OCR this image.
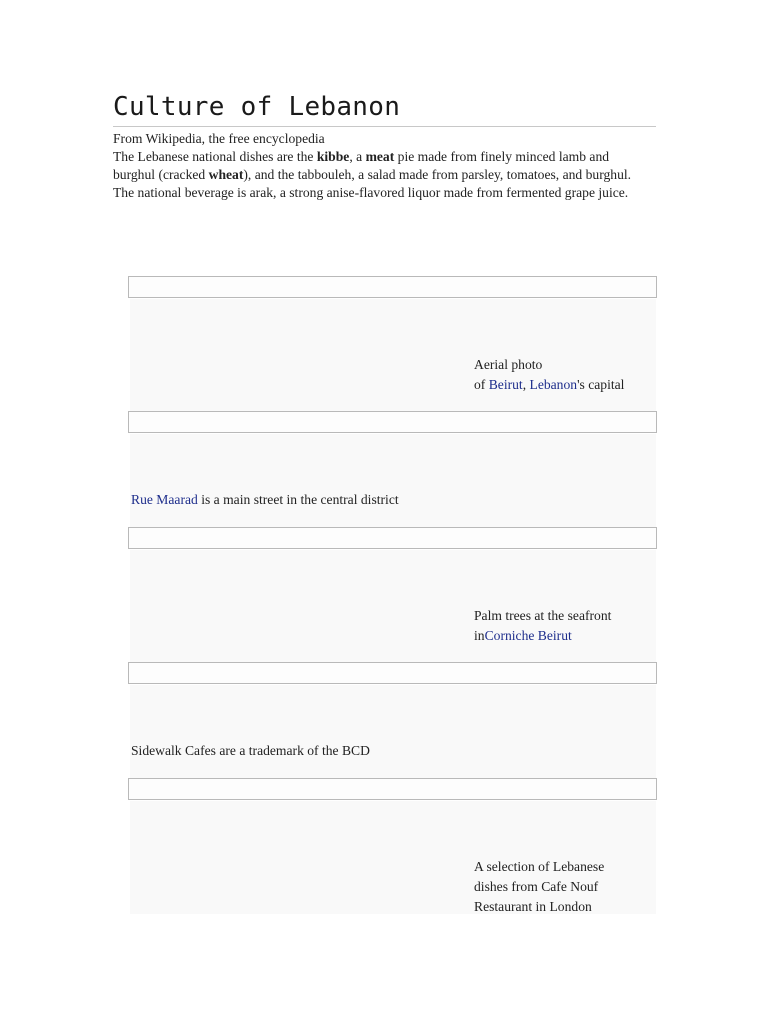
Culture of Lebanon

From Wikipedia, the free encyclopedia

The Lebanese national dishes are the kibbe, a meat pie made from finely minced lamb and burghul (cracked wheat), and the tabbouleh, a salad made from parsley, tomatoes, and burghul. The national beverage is arak, a strong anise-flavored liquor made from fermented grape juice.

Aerial photo
of Beirut, Lebanon's capital
Rue Maarad is a main street in the central district
Palm trees at the seafront
inCorniche Beirut
Sidewalk Cafes are a trademark of the BCD
A selection of Lebanese
dishes from Cafe Nouf
Restaurant in London
